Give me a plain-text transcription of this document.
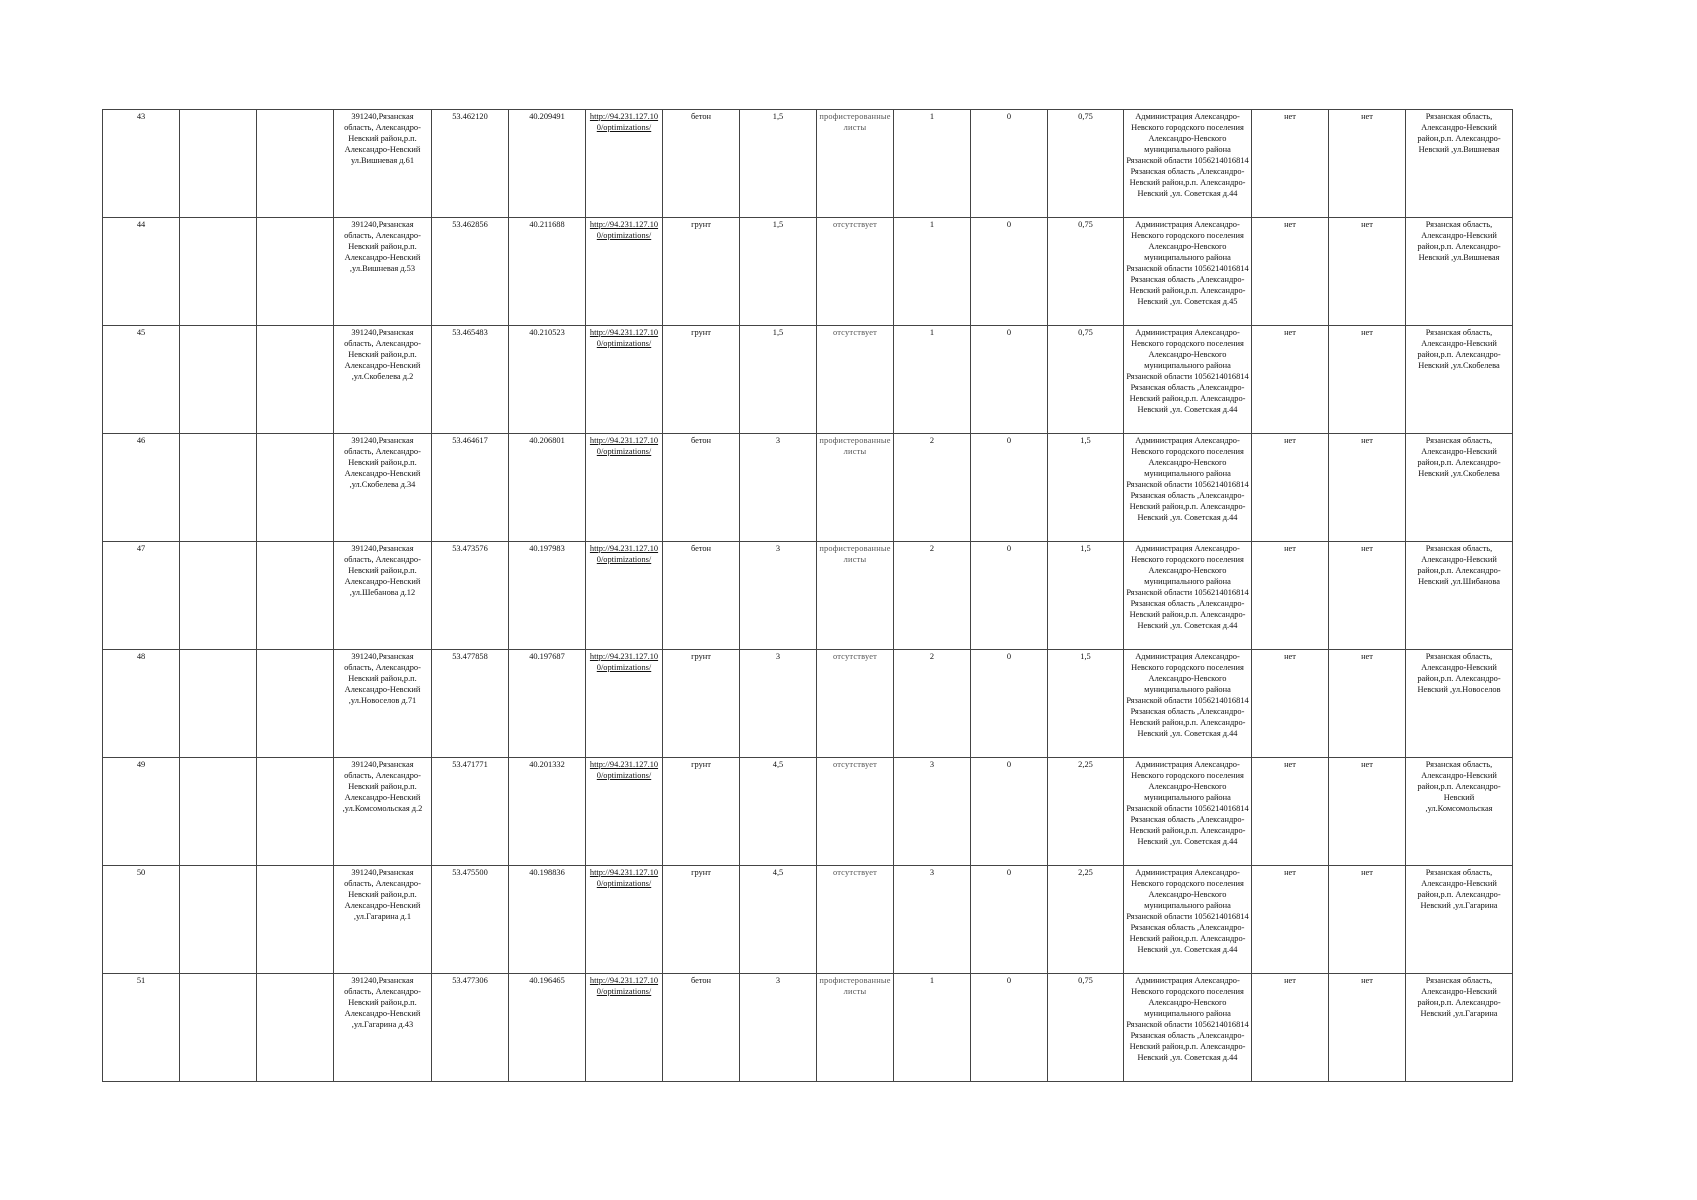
43			391240,Рязанская область, Александро-Невский район,р.п. Александро-Невский ул.Вишневая д.61	53.462120	40.209491	http://94.231.127.100/optimizations/	бетон	1,5	профистерованные листы	1	0	0,75	Администрация Александро-Невского городского поселения Александро-Невского муниципального района Рязанской области 1056214016814 Рязанская область ,Александро-Невский район,р.п. Александро-Невский ,ул. Советская д.44	нет	нет	Рязанская область, Александро-Невский район,р.п. Александро-Невский ,ул.Вишневая
44			391240,Рязанская область, Александро-Невский район,р.п. Александро-Невский ,ул.Вишневая д.53	53.462856	40.211688	http://94.231.127.100/optimizations/	грунт	1,5	отсутствует	1	0	0,75	Администрация Александро-Невского городского поселения Александро-Невского муниципального района Рязанской области 1056214016814 Рязанская область ,Александро-Невский район,р.п. Александро-Невский ,ул. Советская д.45	нет	нет	Рязанская область, Александро-Невский район,р.п. Александро-Невский ,ул.Вишневая
45			391240,Рязанская область, Александро-Невский район,р.п. Александро-Невский ,ул.Скобелева д.2	53.465483	40.210523	http://94.231.127.100/optimizations/	грунт	1,5	отсутствует	1	0	0,75	Администрация Александро-Невского городского поселения Александро-Невского муниципального района Рязанской области 1056214016814 Рязанская область ,Александро-Невский район,р.п. Александро-Невский ,ул. Советская д.44	нет	нет	Рязанская область, Александро-Невский район,р.п. Александро-Невский ,ул.Скобелева
46			391240,Рязанская область, Александро-Невский район,р.п. Александро-Невский ,ул.Скобелева д.34	53.464617	40.206801	http://94.231.127.100/optimizations/	бетон	3	профистерованные листы	2	0	1,5	Администрация Александро-Невского городского поселения Александро-Невского муниципального района Рязанской области 1056214016814 Рязанская область ,Александро-Невский район,р.п. Александро-Невский ,ул. Советская д.44	нет	нет	Рязанская область, Александро-Невский район,р.п. Александро-Невский ,ул.Скобелева
47			391240,Рязанская область, Александро-Невский район,р.п. Александро-Невский ,ул.Шебанова д.12	53.473576	40.197983	http://94.231.127.100/optimizations/	бетон	3	профистерованные листы	2	0	1,5	Администрация Александро-Невского городского поселения Александро-Невского муниципального района Рязанской области 1056214016814 Рязанская область ,Александро-Невский район,р.п. Александро-Невский ,ул. Советская д.44	нет	нет	Рязанская область, Александро-Невский район,р.п. Александро-Невский ,ул.Шибанова
48			391240,Рязанская область, Александро-Невский район,р.п. Александро-Невский ,ул.Новоселов д.71	53.477858	40.197687	http://94.231.127.100/optimizations/	грунт	3	отсутствует	2	0	1,5	Администрация Александро-Невского городского поселения Александро-Невского муниципального района Рязанской области 1056214016814 Рязанская область ,Александро-Невский район,р.п. Александро-Невский ,ул. Советская д.44	нет	нет	Рязанская область, Александро-Невский район,р.п. Александро-Невский ,ул.Новоселов
49			391240,Рязанская область, Александро-Невский район,р.п. Александро-Невский ,ул.Комсомольская д.2	53.471771	40.201332	http://94.231.127.100/optimizations/	грунт	4,5	отсутствует	3	0	2,25	Администрация Александро-Невского городского поселения Александро-Невского муниципального района Рязанской области 1056214016814 Рязанская область ,Александро-Невский район,р.п. Александро-Невский ,ул. Советская д.44	нет	нет	Рязанская область, Александро-Невский район,р.п. Александро-Невский ,ул.Комсомольская
50			391240,Рязанская область, Александро-Невский район,р.п. Александро-Невский ,ул.Гагарина д.1	53.475500	40.198836	http://94.231.127.100/optimizations/	грунт	4,5	отсутствует	3	0	2,25	Администрация Александро-Невского городского поселения Александро-Невского муниципального района Рязанской области 1056214016814 Рязанская область ,Александро-Невский район,р.п. Александро-Невский ,ул. Советская д.44	нет	нет	Рязанская область, Александро-Невский район,р.п. Александро-Невский ,ул.Гагарина
51			391240,Рязанская область, Александро-Невский район,р.п. Александро-Невский ,ул.Гагарина д.43	53.477306	40.196465	http://94.231.127.100/optimizations/	бетон	3	профистерованные листы	1	0	0,75	Администрация Александро-Невского городского поселения Александро-Невского муниципального района Рязанской области 1056214016814 Рязанская область ,Александро-Невский район,р.п. Александро-Невский ,ул. Советская д.44	нет	нет	Рязанская область, Александро-Невский район,р.п. Александро-Невский ,ул.Гагарина
